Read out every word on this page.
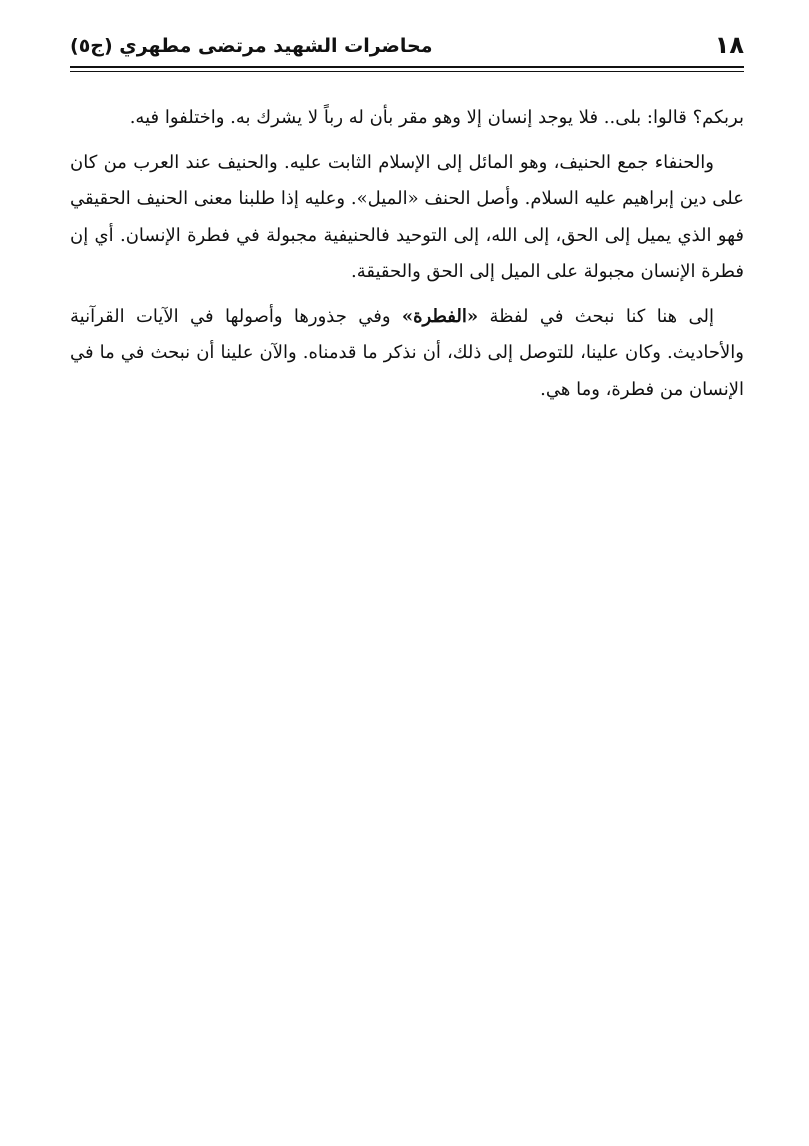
١٨
محاضرات الشهيد مرتضى مطهري (ج٥)

بربكم؟ قالوا: بلى.. فلا يوجد إنسان إلا وهو مقر بأن له رباً لا يشرك به. واختلفوا فيه.

والحنفاء جمع الحنيف، وهو المائل إلى الإسلام الثابت عليه. والحنيف عند العرب من كان على دين إبراهيم عليه السلام. وأصل الحنف «الميل». وعليه إذا طلبنا معنى الحنيف الحقيقي فهو الذي يميل إلى الحق، إلى الله، إلى التوحيد فالحنيفية مجبولة في فطرة الإنسان. أي إن فطرة الإنسان مجبولة على الميل إلى الحق والحقيقة.

إلى هنا كنا نبحث في لفظة «الفطرة» وفي جذورها وأصولها في الآيات القرآنية والأحاديث. وكان علينا، للتوصل إلى ذلك، أن نذكر ما قدمناه. والآن علينا أن نبحث في ما في الإنسان من فطرة، وما هي.
